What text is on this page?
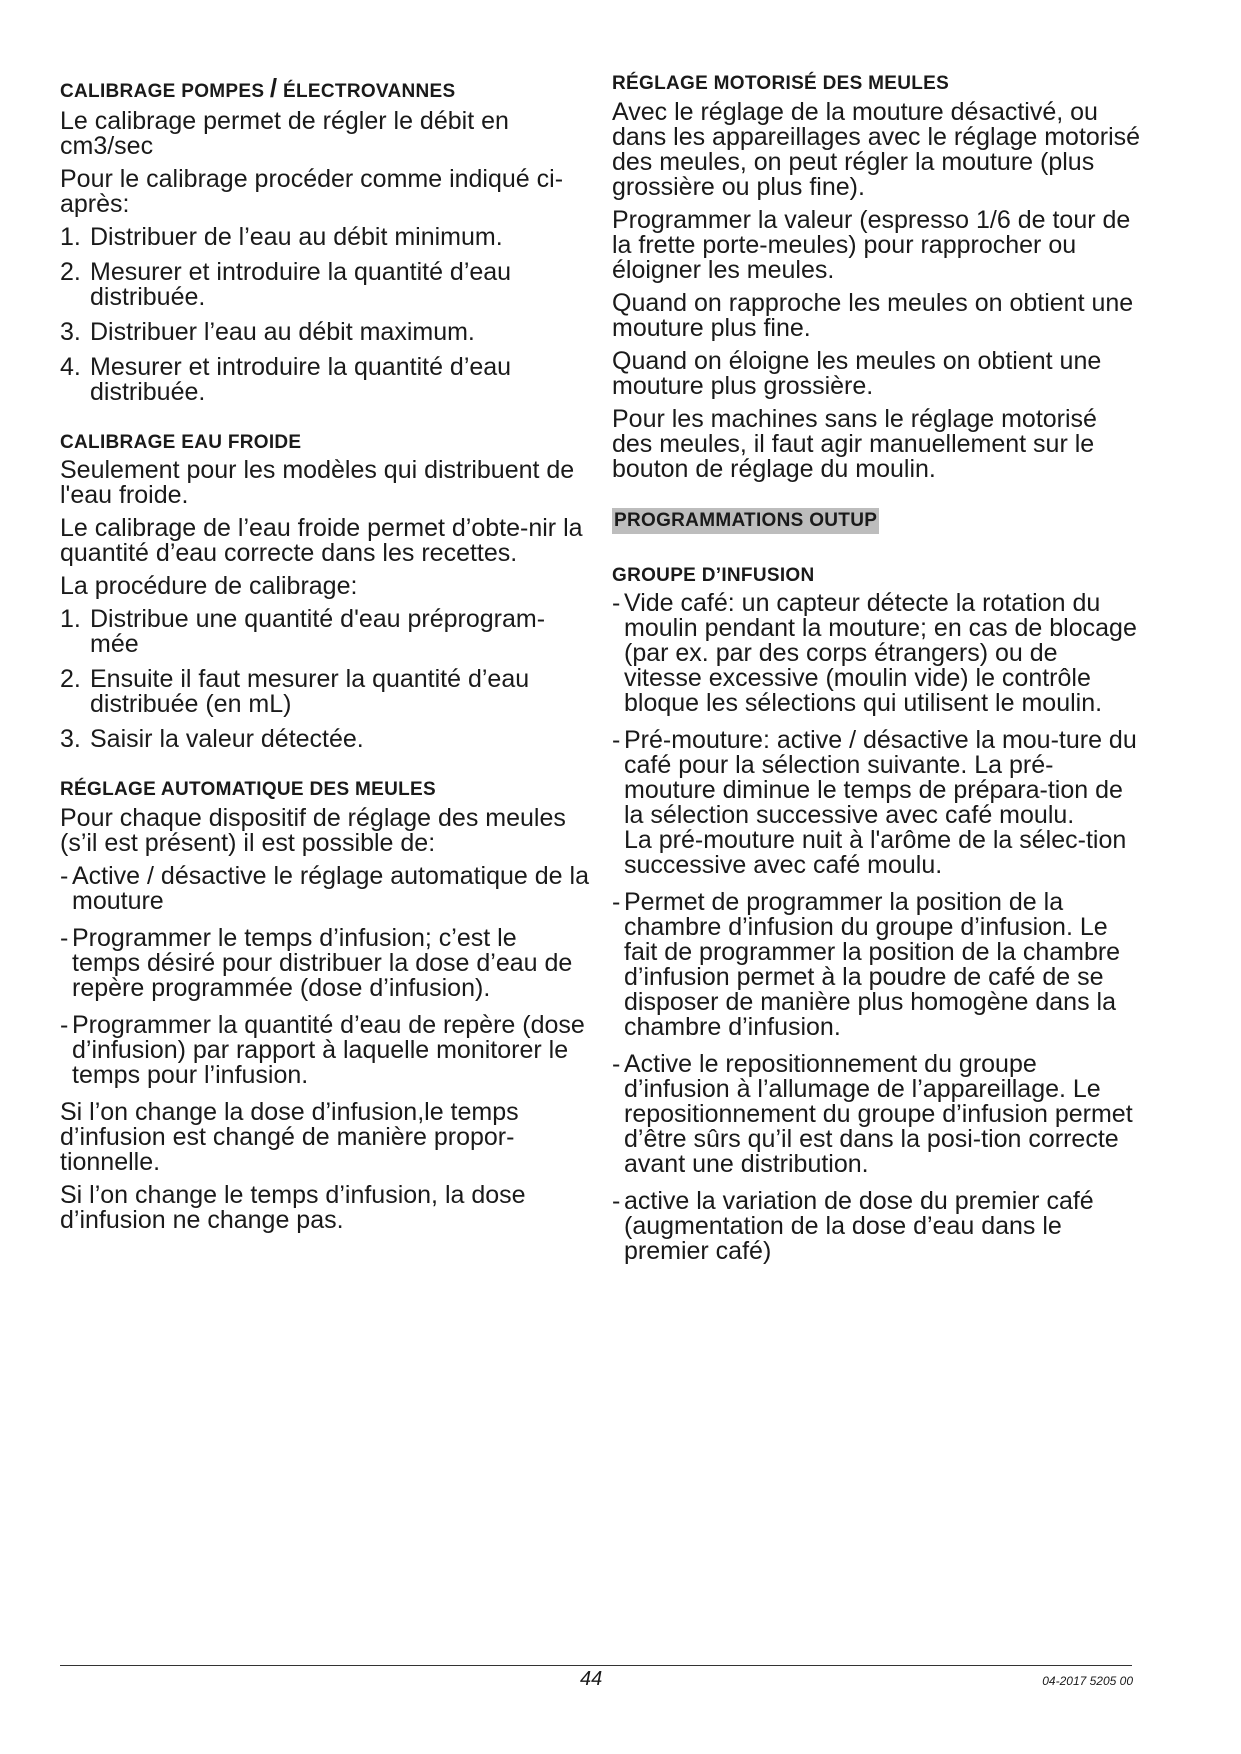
CALIBRAGE POMPES / ÉLECTROVANNES

Le calibrage permet de régler le débit en cm3/sec

Pour le calibrage procéder comme indiqué ci-après:

1. Distribuer de l’eau au débit minimum.
2. Mesurer et introduire la quantité d’eau distribuée.
3. Distribuer l’eau au débit maximum.
4. Mesurer et introduire la quantité d’eau distribuée.
CALIBRAGE EAU FROIDE

Seulement pour les modèles qui distribuent de l'eau froide.

Le calibrage de l’eau froide permet d’obte-nir la quantité d’eau correcte dans les recettes.

La procédure de calibrage:

1. Distribue une quantité d'eau préprogram-mée
2. Ensuite il faut mesurer la quantité d’eau distribuée (en mL)
3. Saisir la valeur détectée.
RÉGLAGE AUTOMATIQUE DES MEULES

Pour chaque dispositif de réglage des meules (s’il est présent) il est possible de:

- Active / désactive le réglage automatique de la mouture
- Programmer le temps d’infusion; c’est le temps désiré pour distribuer la dose d’eau de repère programmée (dose d’infusion).
- Programmer la quantité d’eau de repère (dose d’infusion) par rapport à laquelle monitorer le temps pour l’infusion.

Si l’on change la dose d’infusion,le temps d’infusion est changé de manière propor-tionnelle.

Si l’on change le temps d’infusion, la dose d’infusion ne change pas.

RÉGLAGE MOTORISÉ DES MEULES

Avec le réglage de la mouture désactivé, ou dans les appareillages avec le réglage motorisé des meules, on peut régler la mouture (plus grossière ou plus fine).

Programmer la valeur (espresso 1/6 de tour de la frette porte-meules) pour rapprocher ou éloigner les meules.

Quand on rapproche les meules on obtient une mouture plus fine.

Quand on éloigne les meules on obtient une mouture plus grossière.

Pour les machines sans le réglage motorisé des meules, il faut agir manuellement sur le bouton de réglage du moulin.

PROGRAMMATIONS OUTUP
GROUPE D’INFUSION
- Vide café: un capteur détecte la rotation du moulin pendant la mouture; en cas de blocage (par ex. par des corps étrangers) ou de vitesse excessive (moulin vide) le contrôle bloque les sélections qui utilisent le moulin.
- Pré-mouture: active / désactive la mou-ture du café pour la sélection suivante. La pré-mouture diminue le temps de prépara-tion de la sélection successive avec café moulu.
La pré-mouture nuit à l'arôme de la sélec-tion successive avec café moulu.
- Permet de programmer la position de la chambre d’infusion du groupe d’infusion. Le fait de programmer la position de la chambre d’infusion permet à la poudre de café de se disposer de manière plus homogène dans la chambre d’infusion.
- Active le repositionnement du groupe d’infusion à l’allumage de l’appareillage. Le repositionnement du groupe d’infusion permet d’être sûrs qu’il est dans la posi-tion correcte avant une distribution.
- active la variation de dose du premier café (augmentation de la dose d’eau dans le premier café)
44	04-2017 5205 00
